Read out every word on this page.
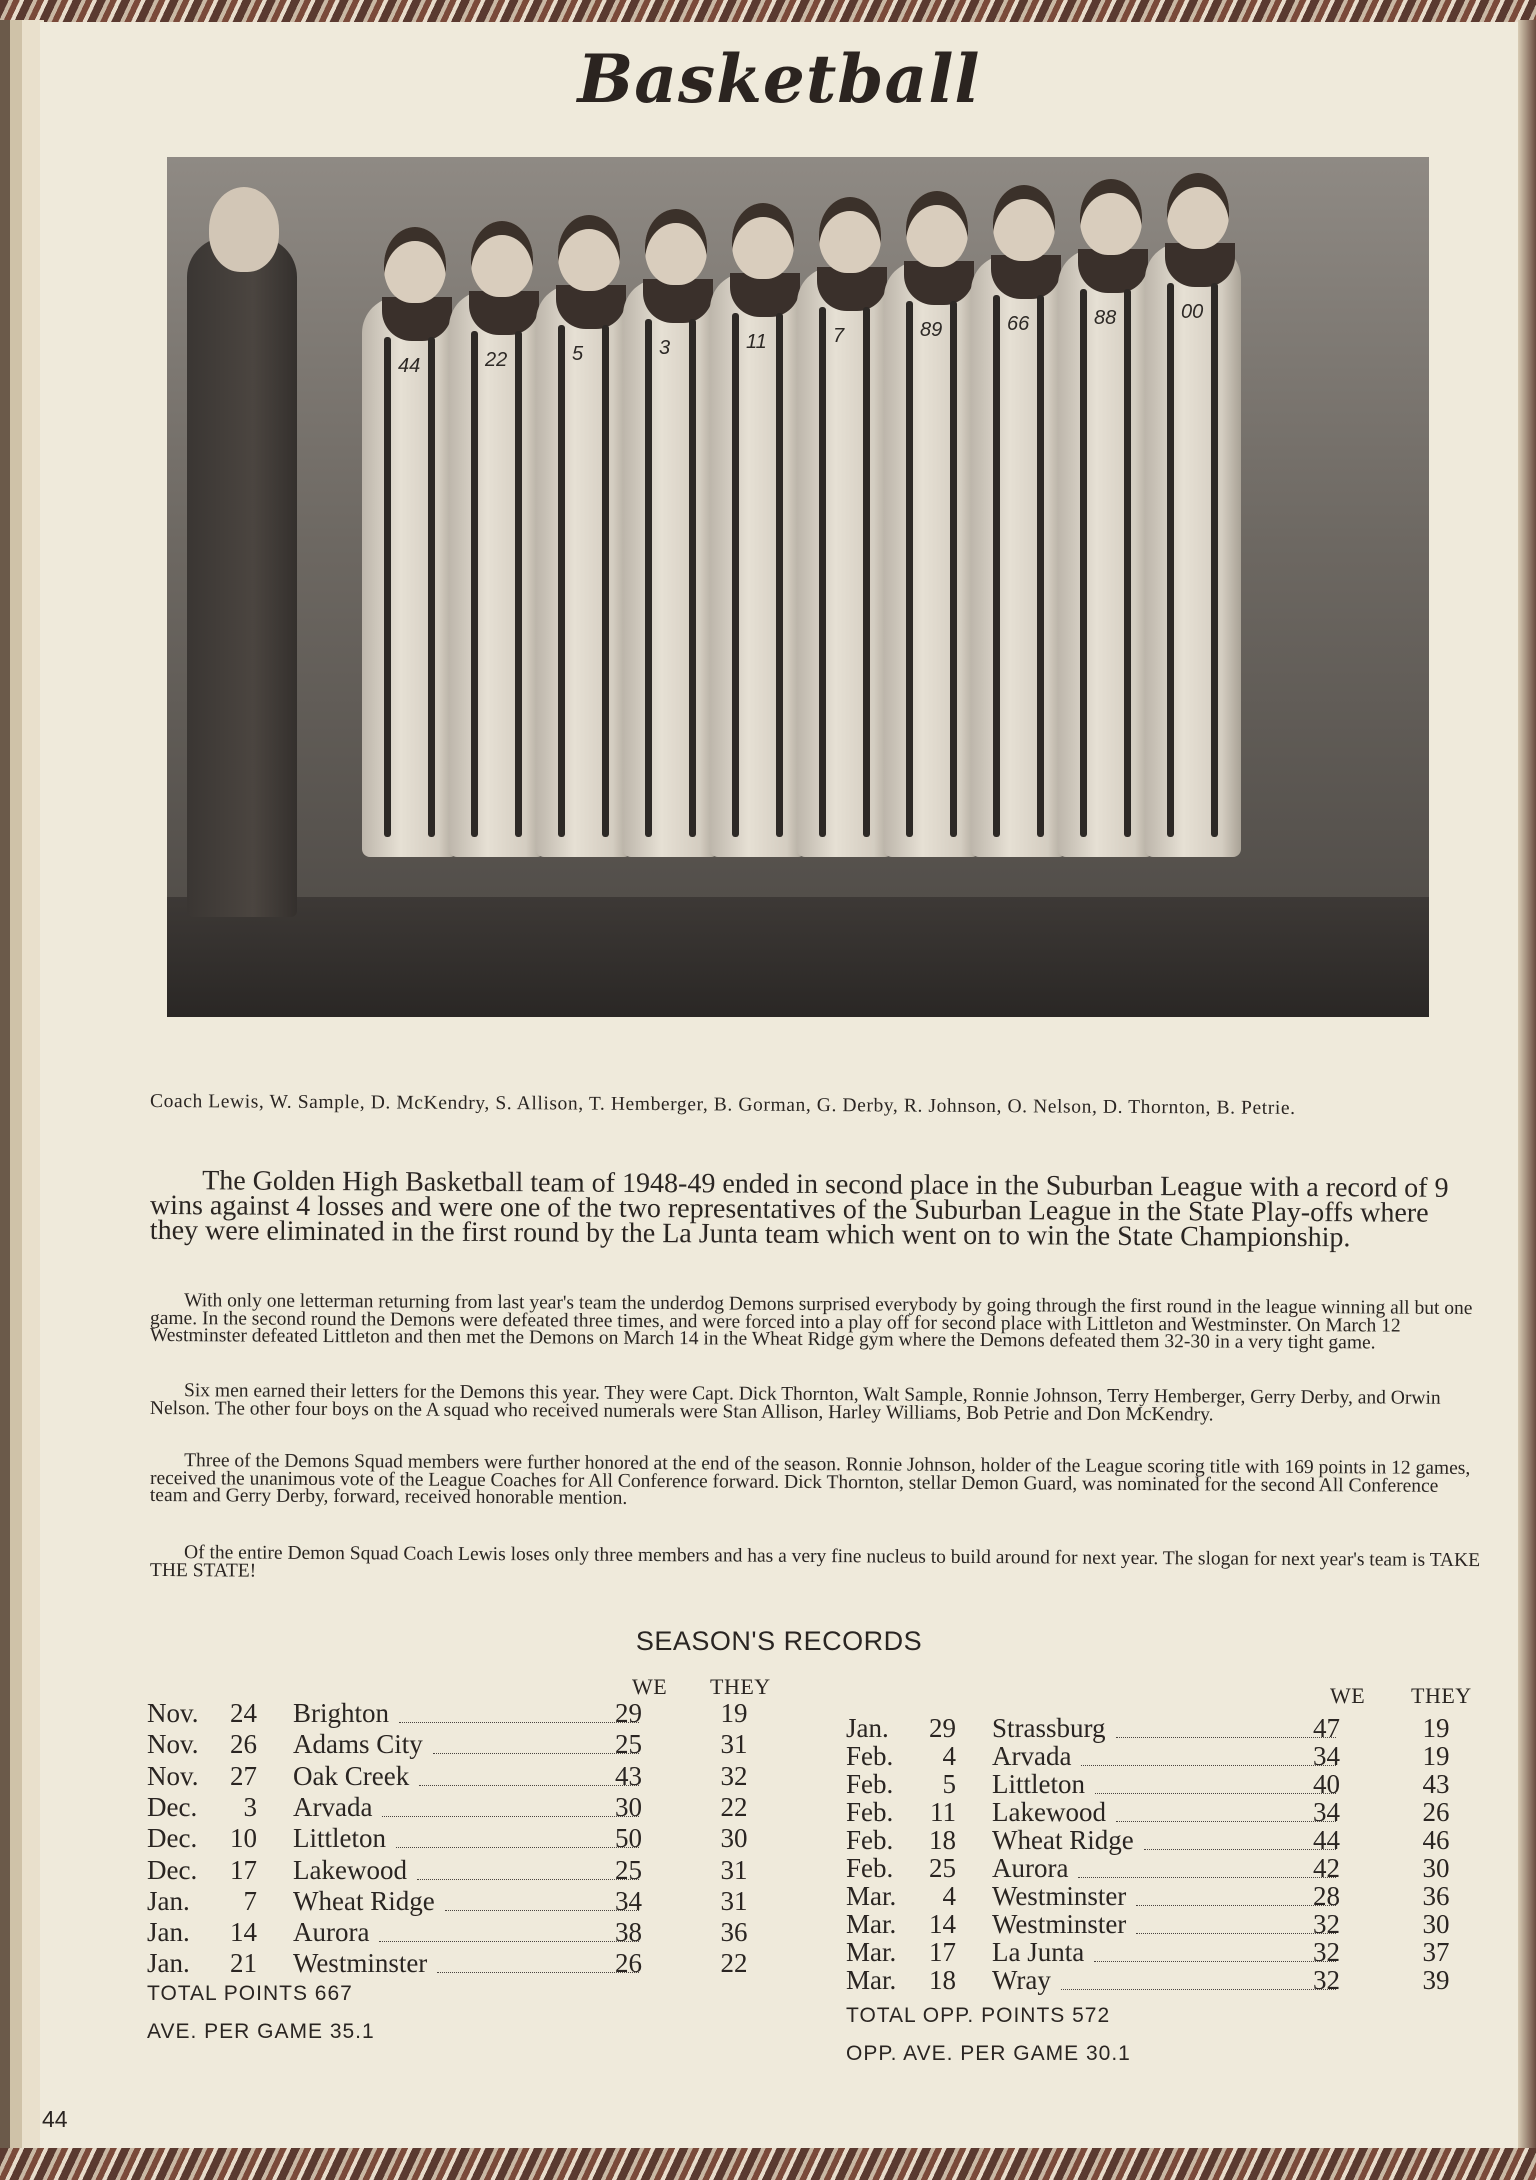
Basketball
44	22	5	3	11	7	89	66	88	00
Coach Lewis, W. Sample, D. McKendry, S. Allison, T. Hemberger, B. Gorman, G. Derby, R. Johnson, O. Nelson, D. Thornton, B. Petrie.
The Golden High Basketball team of 1948-49 ended in second place in the Suburban League with a record of 9 wins against 4 losses and were one of the two representatives of the Suburban League in the State Play-offs where they were eliminated in the first round by the La Junta team which went on to win the State Championship.
With only one letterman returning from last year's team the underdog Demons surprised everybody by going through the first round in the league winning all but one game. In the second round the Demons were defeated three times, and were forced into a play off for second place with Littleton and Westminster. On March 12 Westminster defeated Littleton and then met the Demons on March 14 in the Wheat Ridge gym where the Demons defeated them 32-30 in a very tight game.
Six men earned their letters for the Demons this year. They were Capt. Dick Thornton, Walt Sample, Ronnie Johnson, Terry Hemberger, Gerry Derby, and Orwin Nelson. The other four boys on the A squad who received numerals were Stan Allison, Harley Williams, Bob Petrie and Don McKendry.
Three of the Demons Squad members were further honored at the end of the season. Ronnie Johnson, holder of the League scoring title with 169 points in 12 games, received the unanimous vote of the League Coaches for All Conference forward. Dick Thornton, stellar Demon Guard, was nominated for the second All Conference team and Gerry Derby, forward, received honorable mention.
Of the entire Demon Squad Coach Lewis loses only three members and has a very fine nucleus to build around for next year. The slogan for next year's team is TAKE THE STATE!
SEASON'S RECORDS
WE THEY
Nov.	24 Brighton	29	19
Nov.	26 Adams City	25	31
Nov.	27 Oak Creek	43	32
Dec.	3 Arvada	30	22
Dec.	10 Littleton	50	30
Dec.	17 Lakewood	25	31
Jan.	7 Wheat Ridge	34	31
Jan.	14 Aurora	38	36
Jan.	21 Westminster	26	22
TOTAL POINTS 667
AVE. PER GAME 35.1
WE THEY
Jan.	29 Strassburg	47	19
Feb.	4 Arvada	34	19
Feb.	5 Littleton	40	43
Feb.	11 Lakewood	34	26
Feb.	18 Wheat Ridge	44	46
Feb.	25 Aurora	42	30
Mar.	4 Westminster	28	36
Mar.	14 Westminster	32	30
Mar.	17 La Junta	32	37
Mar.	18 Wray	32	39
TOTAL OPP. POINTS 572
OPP. AVE. PER GAME 30.1
44
